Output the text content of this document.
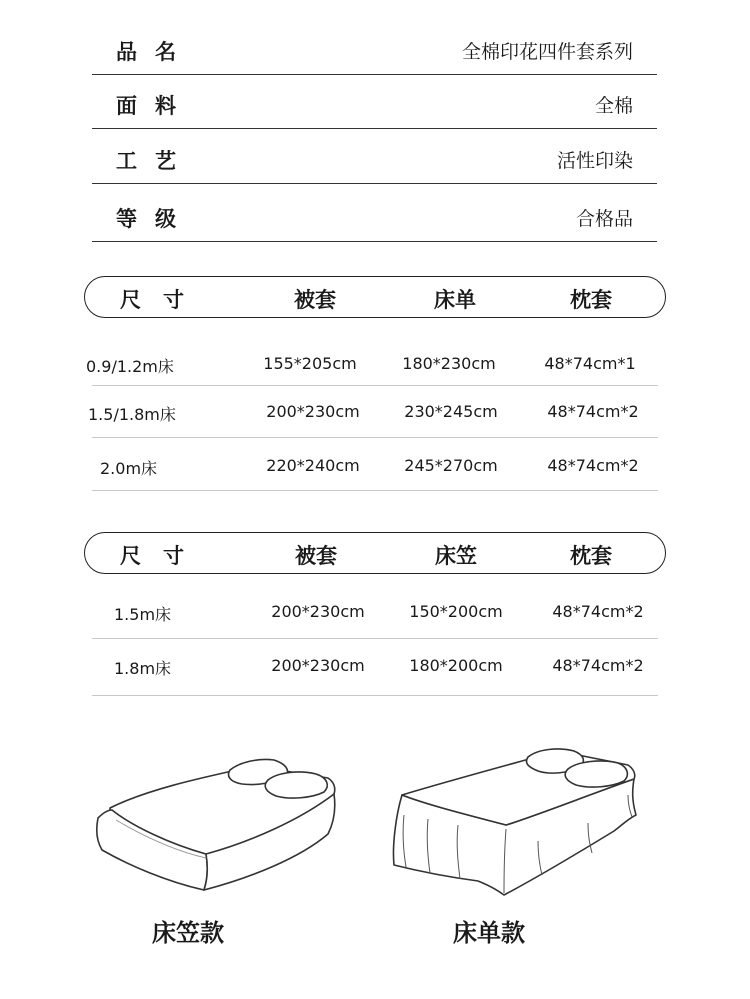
品名	全棉印花四件套系列
面料	全棉
工艺	活性印染
等级	合格品
尺寸	被套	床单	枕套
0.9/1.2m床	155*205cm	180*230cm	48*74cm*1
1.5/1.8m床	200*230cm	230*245cm	48*74cm*2
2.0m床	220*240cm	245*270cm	48*74cm*2
尺寸	被套	床笠	枕套
1.5m床	200*230cm	150*200cm	48*74cm*2
1.8m床	200*230cm	180*200cm	48*74cm*2
床笠款	床单款
